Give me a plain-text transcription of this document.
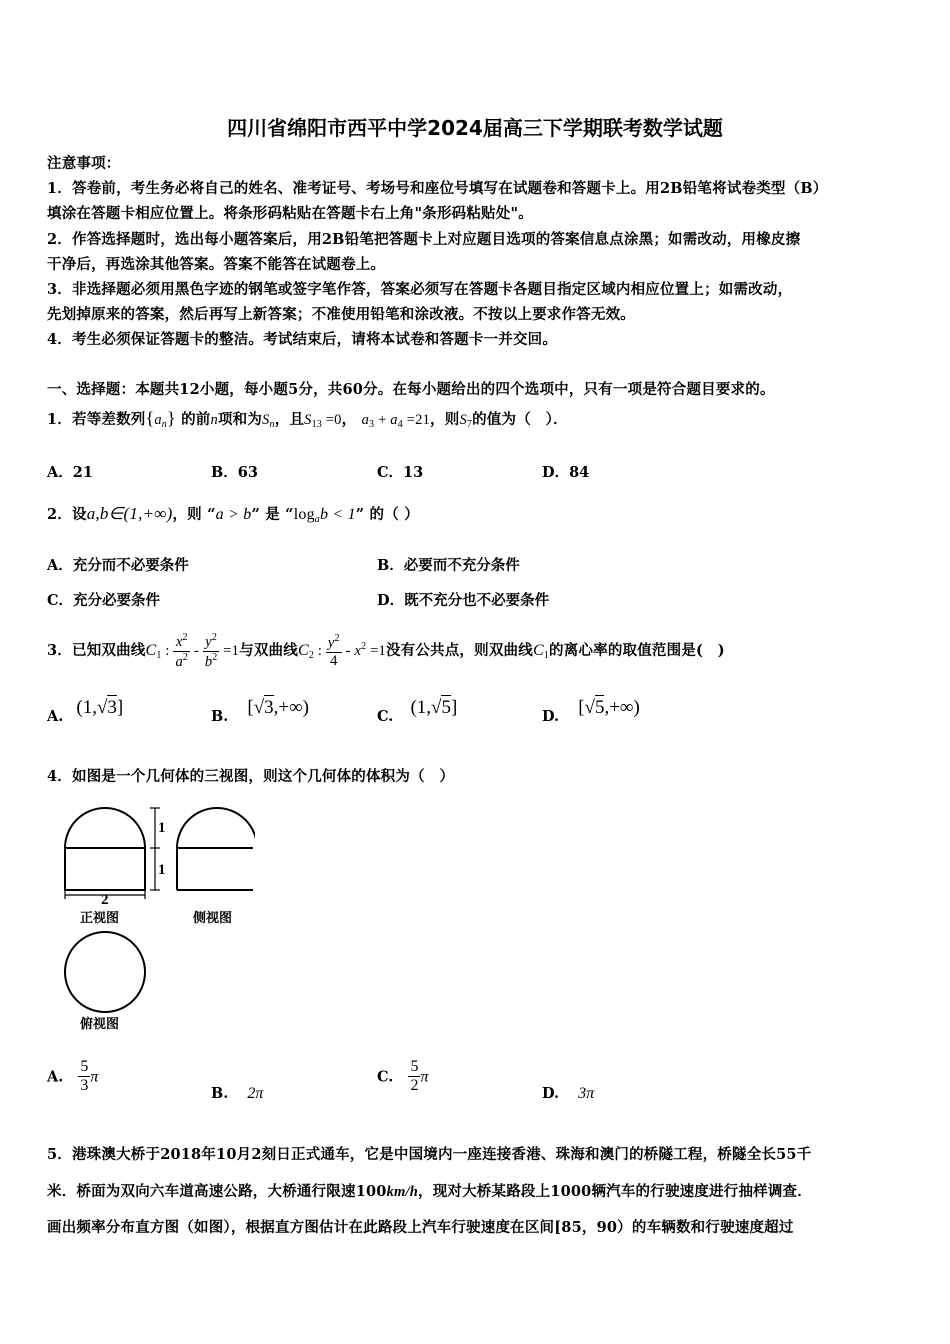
四川省绵阳市西平中学2024届高三下学期联考数学试题
注意事项：
1．答卷前，考生务必将自己的姓名、准考证号、考场号和座位号填写在试题卷和答题卡上。用2B铅笔将试卷类型（B）
填涂在答题卡相应位置上。将条形码粘贴在答题卡右上角"条形码粘贴处"。
2．作答选择题时，选出每小题答案后，用2B铅笔把答题卡上对应题目选项的答案信息点涂黑；如需改动，用橡皮擦
干净后，再选涂其他答案。答案不能答在试题卷上。
3．非选择题必须用黑色字迹的钢笔或签字笔作答，答案必须写在答题卡各题目指定区域内相应位置上；如需改动，
先划掉原来的答案，然后再写上新答案；不准使用铅笔和涂改液。不按以上要求作答无效。
4．考生必须保证答题卡的整洁。考试结束后，请将本试卷和答题卡一并交回。
一、选择题：本题共12小题，每小题5分，共60分。在每小题给出的四个选项中，只有一项是符合题目要求的。
1．若等差数列$\{a_n\}$ 的前n项和为$S_n$，且$S_{13} =0$， $a_3 + a_4 =21$，则$S_7$的值为（　）．
A．21	B．63	C．13	D．84
2．设a,b∈(1,+∞)，则 “a > b” 是 “$\log_ab < 1$” 的（ ）
A．充分而不必要条件	B．必要而不充分条件
C．充分必要条件	D．既不充分也不必要条件
3．已知双曲线$C_1$ : $\frac{x^2}{a^2} - \frac{y^2}{b^2} =1$与双曲线$C_2$ : $\frac{y^2}{4} - x^2 =1$没有公共点，则双曲线$C_1$的离心率的取值范围是(　)
A. (1,√3]	B. [√3,+∞)	C. (1,√5]	D. [√5,+∞)
4．如图是一个几何体的三视图，则这个几何体的体积为（　）
1
1
2
正视图	侧视图
俯视图
A. $\frac{5}{3}$ π
B. 2π
C. $\frac{5}{2}$ π
D. 3π
5．港珠澳大桥于2018年10月2刻日正式通车，它是中国境内一座连接香港、珠海和澳门的桥隧工程，桥隧全长55千
米．桥面为双向六车道高速公路，大桥通行限速100km/h，现对大桥某路段上1000辆汽车的行驶速度进行抽样调查．
画出频率分布直方图（如图），根据直方图估计在此路段上汽车行驶速度在区间[85，90）的车辆数和行驶速度超过
